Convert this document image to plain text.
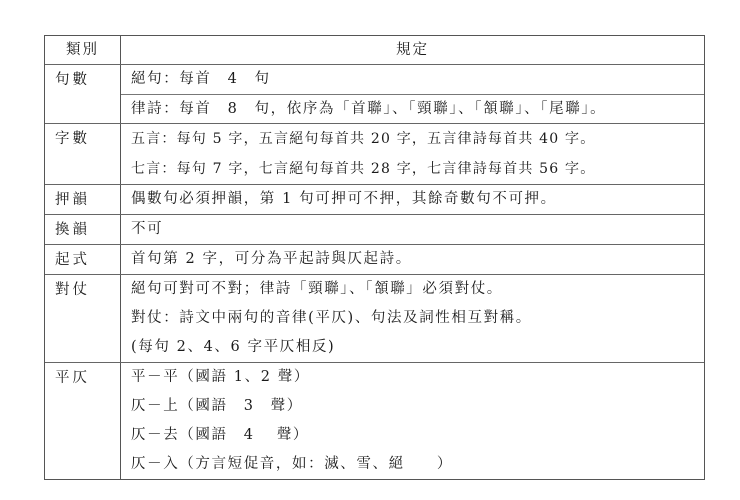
類別	規定
句數	絕句：每首　4　句
律詩：每首　8　句，依序為「首聯」、「頸聯」、「頷聯」、「尾聯」。
字數	五言：每句 5 字，五言絕句每首共 20 字，五言律詩每首共 40 字。
七言：每句 7 字，七言絕句每首共 28 字，七言律詩每首共 56 字。
押韻	偶數句必須押韻，第 1 句可押可不押，其餘奇數句不可押。
換韻	不可
起式	首句第 2 字，可分為平起詩與仄起詩。
對仗	絕句可對可不對；律詩「頸聯」、「頷聯」必須對仗。
對仗：詩文中兩句的音律(平仄)、句法及詞性相互對稱。
(每句 2、4、6 字平仄相反)
平仄	平－平（國語 1、2 聲）
仄－上（國語　3　聲）
仄－去（國語　4　 聲）
仄－入（方言短促音，如：滅、雪、絕　　）
